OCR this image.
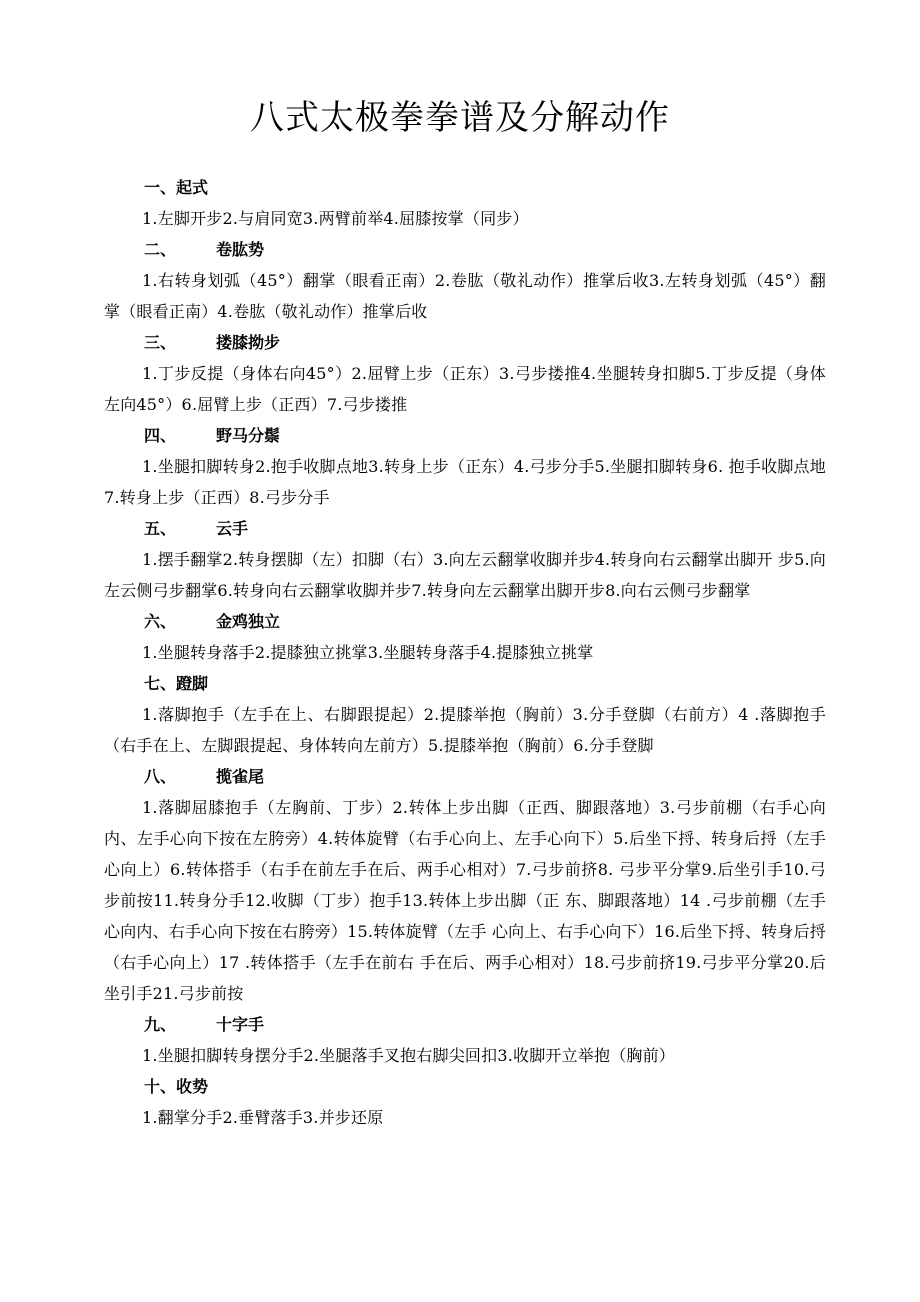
八式太极拳拳谱及分解动作
一、起式

1.左脚开步2.与肩同宽3.两臂前举4.屈膝按掌（同步）

二、 卷肱势

1.右转身划弧（45°）翻掌（眼看正南）2.卷肱（敬礼动作）推掌后收3.左转身划弧（45°）翻掌（眼看正南）4.卷肱（敬礼动作）推掌后收

三、 搂膝拗步

1.丁步反提（身体右向45°）2.屈臂上步（正东）3.弓步搂推4.坐腿转身扣脚5.丁步反提（身体左向45°）6.屈臂上步（正西）7.弓步搂推

四、 野马分鬃

1.坐腿扣脚转身2.抱手收脚点地3.转身上步（正东）4.弓步分手5.坐腿扣脚转身6. 抱手收脚点地7.转身上步（正西）8.弓步分手

五、 云手

1.摆手翻掌2.转身摆脚（左）扣脚（右）3.向左云翻掌收脚并步4.转身向右云翻掌出脚开 步5.向左云侧弓步翻掌6.转身向右云翻掌收脚并步7.转身向左云翻掌出脚开步8.向右云侧弓步翻掌

六、 金鸡独立

1.坐腿转身落手2.提膝独立挑掌3.坐腿转身落手4.提膝独立挑掌

七、蹬脚

1.落脚抱手（左手在上、右脚跟提起）2.提膝举抱（胸前）3.分手登脚（右前方）4 .落脚抱手 （右手在上、左脚跟提起、身体转向左前方）5.提膝举抱（胸前）6.分手登脚

八、 揽雀尾

1.落脚屈膝抱手（左胸前、丁步）2.转体上步出脚（正西、脚跟落地）3.弓步前棚（右手心向内、左手心向下按在左胯旁）4.转体旋臂（右手心向上、左手心向下）5.后坐下捋、转身后捋（左手心向上）6.转体搭手（右手在前左手在后、两手心相对）7.弓步前挤8. 弓步平分掌9.后坐引手10.弓步前按11.转身分手12.收脚（丁步）抱手13.转体上步出脚（正 东、脚跟落地）14 .弓步前棚（左手心向内、右手心向下按在右胯旁）15.转体旋臂（左手 心向上、右手心向下）16.后坐下捋、转身后捋（右手心向上）17 .转体搭手（左手在前右 手在后、两手心相对）18.弓步前挤19.弓步平分掌20.后坐引手21.弓步前按

九、 十字手

1.坐腿扣脚转身摆分手2.坐腿落手叉抱右脚尖回扣3.收脚开立举抱（胸前）

十、收势

1.翻掌分手2.垂臂落手3.并步还原
